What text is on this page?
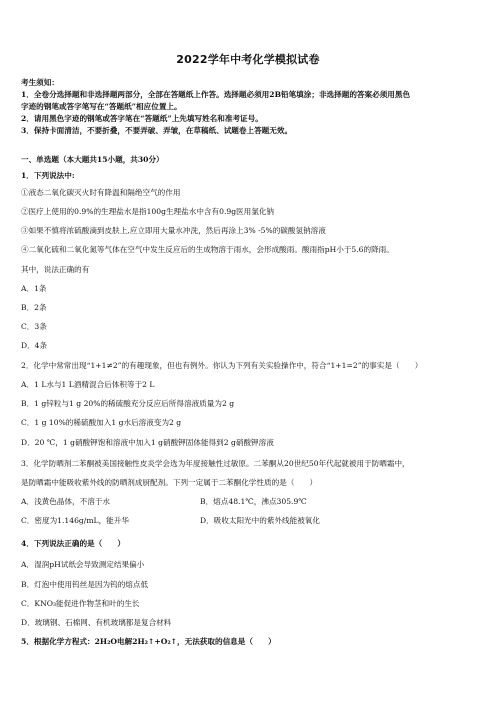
2022学年中考化学模拟试卷
考生须知：
1．全卷分选择题和非选择题两部分，全部在答题纸上作答。选择题必须用2B铅笔填涂；非选择题的答案必须用黑色
字迹的钢笔或答字笔写在“答题纸”相应位置上。
2．请用黑色字迹的钢笔或答字笔在“答题纸”上先填写姓名和准考证号。
3．保持卡面清洁，不要折叠，不要弄破、弄皱，在草稿纸、试题卷上答题无效。
一、单选题（本大题共15小题，共30分）
1．下列说法中:
①液态二氧化碳灭火时有降温和隔绝空气的作用
②医疗上使用的0.9%的生理盐水是指100g生理盐水中含有0.9g医用氯化钠
③如果不慎将浓硫酸滴到皮肤上,应立即用大量水冲洗，然后再涂上3% -5%的碳酸氢钠溶液
④二氧化硫和二氧化氮等气体在空气中发生反应后的生成物溶于雨水，会形成酸雨。酸雨指pH小于5.6的降雨。
其中，说法正确的有
A．1条
B．2条
C．3条
D．4条
2．化学中常常出现“1+1≠2”的有趣现象，但也有例外。你认为下列有关实验操作中，符合“1+1=2”的事实是（　　）
A．1 L水与1 L酒精混合后体积等于2 L
B．1 g锌粒与1 g 20%的稀硫酸充分反应后所得溶液质量为2 g
C．1 g 10%的稀硫酸加入1 g水后溶液变为2 g
D．20 ℃，1 g硝酸钾饱和溶液中加入1 g硝酸钾固体能得到2 g硝酸钾溶液
3．化学防晒剂二苯酮被美国接触性皮炎学会选为年度接触性过敏原。二苯酮从20世纪50年代起就被用于防晒霜中，
是防晒霜中能吸收紫外线的防晒剂成厨配剂。下列一定属于二苯酮化学性质的是（　　）
A．浅黄色晶体，不溶于水	B．熔点48.1℃，沸点305.9℃
C．密度为1.146g/mL，能升华	D．吸收太阳光中的紫外线能被氧化
4．下列说法正确的是（　　）
A．湿润pH试纸会导致测定结果偏小
B．灯泡中使用钨丝是因为钨的熔点低
C．KNO₃能促进作物茎和叶的生长
D．玻璃钢、石棉网、有机玻璃都是复合材料
5．根据化学方程式：2H₂O电解2H₂↑+O₂↑，无法获取的信息是（　　）
